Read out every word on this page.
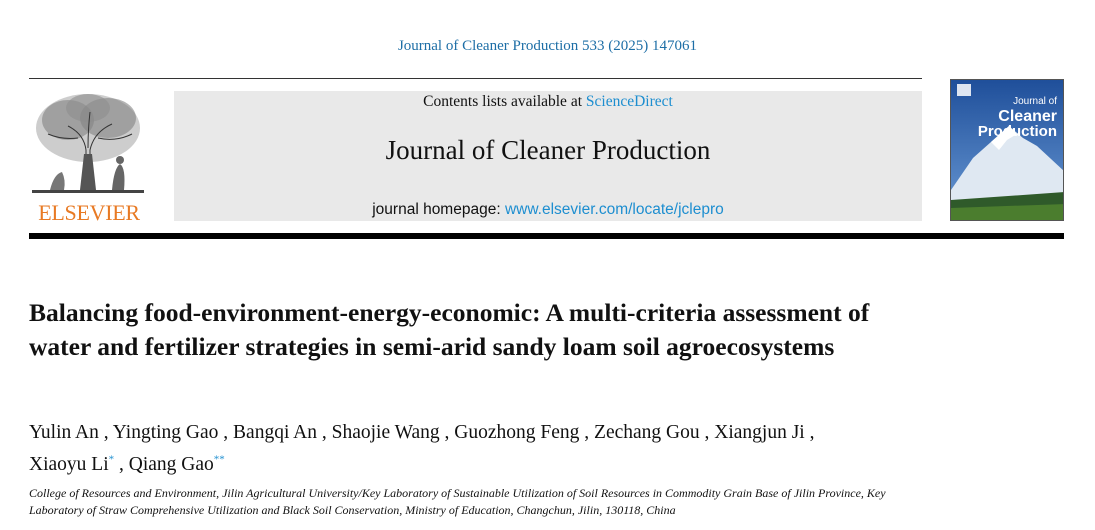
Journal of Cleaner Production 533 (2025) 147061
ELSEVIER
Contents lists available at ScienceDirect
Journal of Cleaner Production
journal homepage: www.elsevier.com/locate/jclepro
Journal of
Cleaner
Production
Balancing food-environment-energy-economic: A multi-criteria assessment of water and fertilizer strategies in semi-arid sandy loam soil agroecosystems
Yulin An , Yingting Gao , Bangqi An , Shaojie Wang , Guozhong Feng , Zechang Gou , Xiangjun Ji ,
Xiaoyu Li* , Qiang Gao**
College of Resources and Environment, Jilin Agricultural University/Key Laboratory of Sustainable Utilization of Soil Resources in Commodity Grain Base of Jilin Province, Key Laboratory of Straw Comprehensive Utilization and Black Soil Conservation, Ministry of Education, Changchun, Jilin, 130118, China
